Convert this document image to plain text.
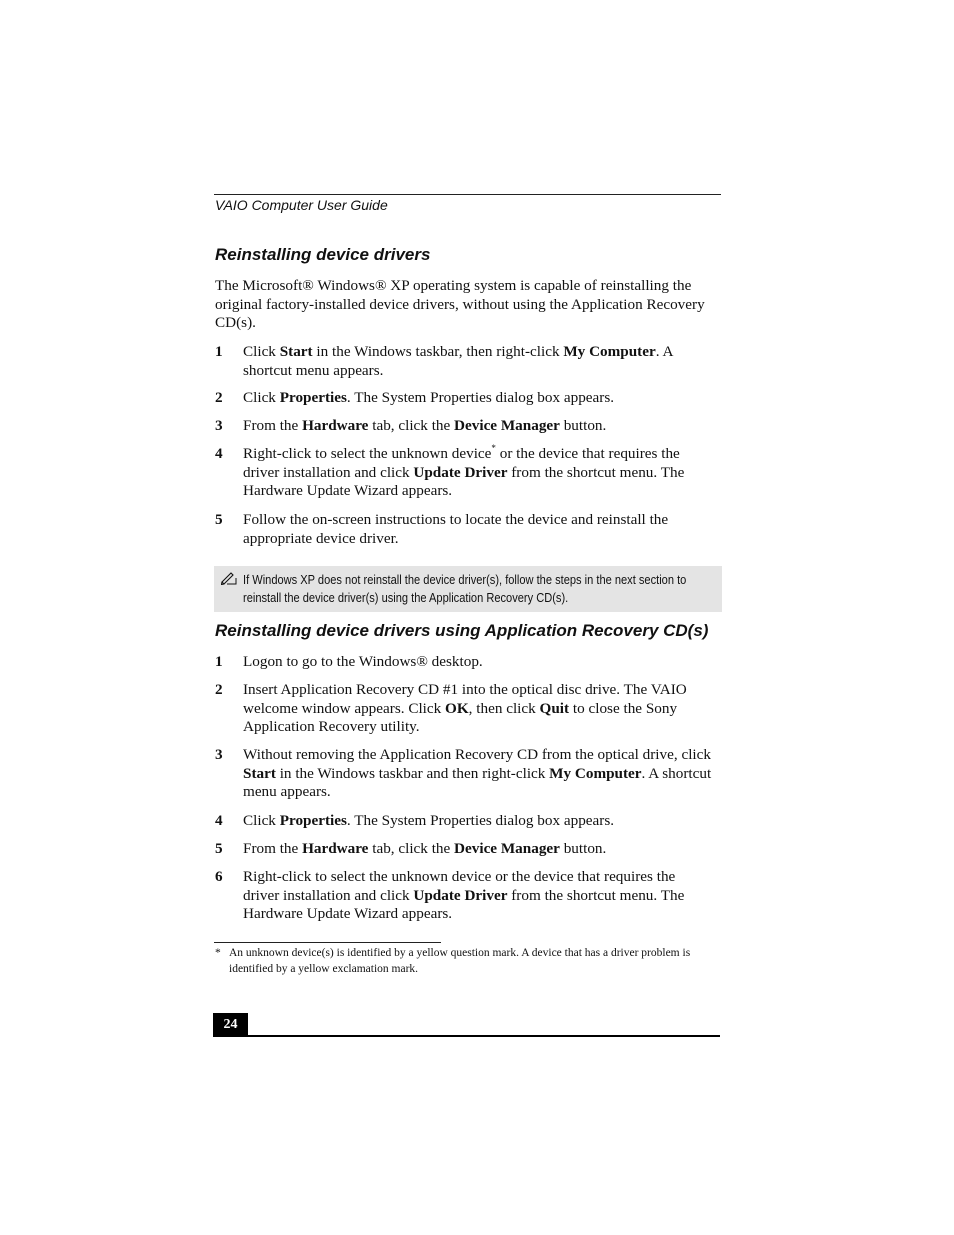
VAIO Computer User Guide
Reinstalling device drivers
The Microsoft® Windows® XP operating system is capable of reinstalling the original factory-installed device drivers, without using the Application Recovery CD(s).
1	Click Start in the Windows taskbar, then right-click My Computer. A shortcut menu appears.
2	Click Properties. The System Properties dialog box appears.
3	From the Hardware tab, click the Device Manager button.
4	Right-click to select the unknown device* or the device that requires the driver installation and click Update Driver from the shortcut menu. The Hardware Update Wizard appears.
5	Follow the on-screen instructions to locate the device and reinstall the appropriate device driver.
If Windows XP does not reinstall the device driver(s), follow the steps in the next section to reinstall the device driver(s) using the Application Recovery CD(s).
Reinstalling device drivers using Application Recovery CD(s)
1	Logon to go to the Windows® desktop.
2	Insert Application Recovery CD #1 into the optical disc drive. The VAIO welcome window appears. Click OK, then click Quit to close the Sony Application Recovery utility.
3	Without removing the Application Recovery CD from the optical drive, click Start in the Windows taskbar and then right-click My Computer. A shortcut menu appears.
4	Click Properties. The System Properties dialog box appears.
5	From the Hardware tab, click the Device Manager button.
6	Right-click to select the unknown device or the device that requires the driver installation and click Update Driver from the shortcut menu. The Hardware Update Wizard appears.
* An unknown device(s) is identified by a yellow question mark. A device that has a driver problem is identified by a yellow exclamation mark.
24
